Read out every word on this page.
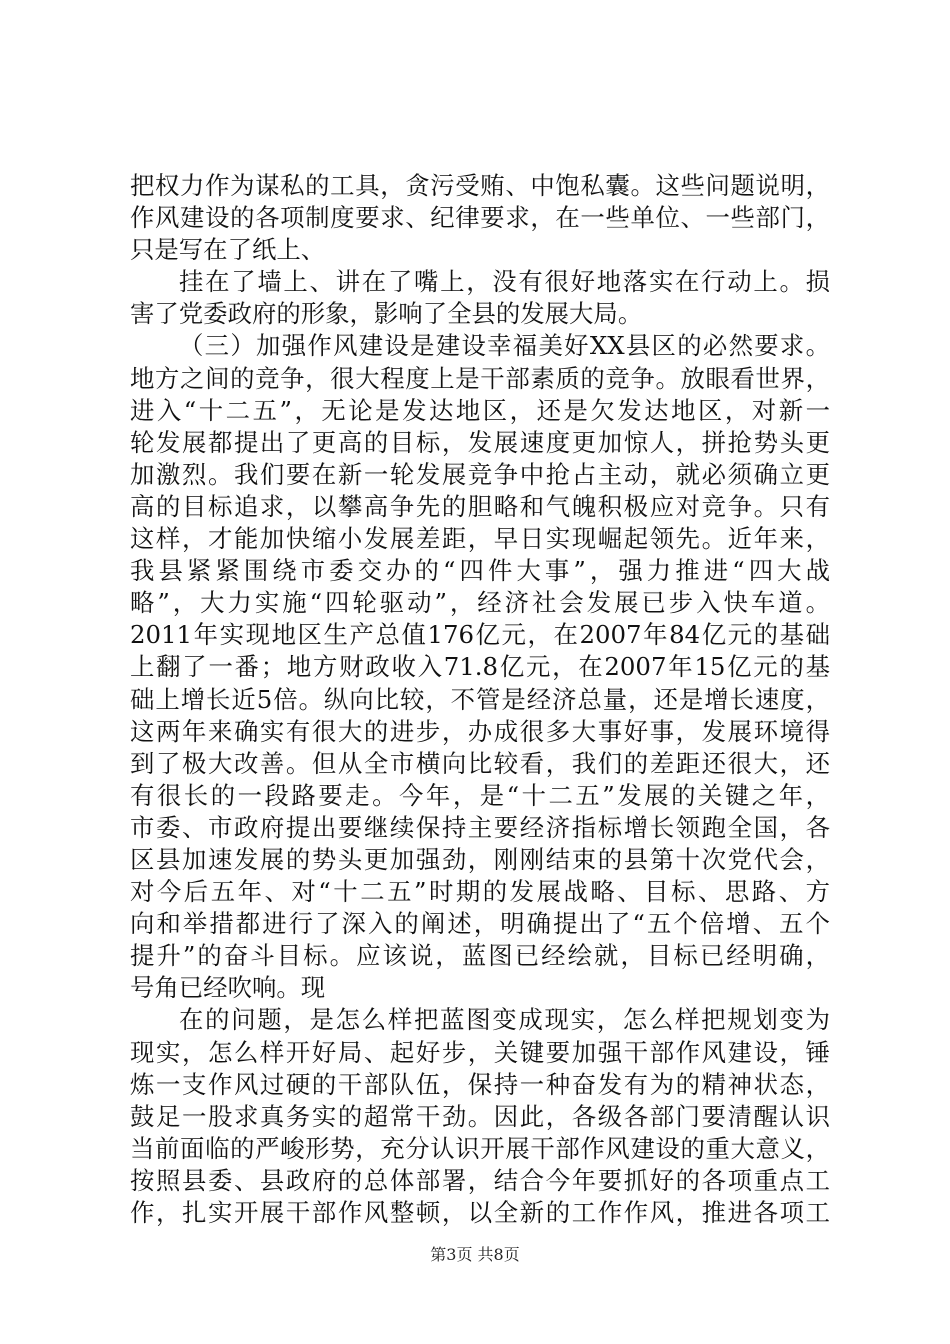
把权力作为谋私的工具，贪污受贿、中饱私囊。这些问题说明，
作风建设的各项制度要求、纪律要求，在一些单位、一些部门，
只是写在了纸上、
挂在了墙上、讲在了嘴上，没有很好地落实在行动上。损
害了党委政府的形象，影响了全县的发展大局。
（三）加强作风建设是建设幸福美好XX县区的必然要求。
地方之间的竞争，很大程度上是干部素质的竞争。放眼看世界，
进入“十二五”，无论是发达地区，还是欠发达地区，对新一
轮发展都提出了更高的目标，发展速度更加惊人，拼抢势头更
加激烈。我们要在新一轮发展竞争中抢占主动，就必须确立更
高的目标追求，以攀高争先的胆略和气魄积极应对竞争。只有
这样，才能加快缩小发展差距，早日实现崛起领先。近年来，
我县紧紧围绕市委交办的“四件大事”，强力推进“四大战
略”，大力实施“四轮驱动”，经济社会发展已步入快车道。
2011年实现地区生产总值176亿元，在2007年84亿元的基础
上翻了一番；地方财政收入71.8亿元，在2007年15亿元的基
础上增长近5倍。纵向比较，不管是经济总量，还是增长速度，
这两年来确实有很大的进步，办成很多大事好事，发展环境得
到了极大改善。但从全市横向比较看，我们的差距还很大，还
有很长的一段路要走。今年，是“十二五”发展的关键之年，
市委、市政府提出要继续保持主要经济指标增长领跑全国，各
区县加速发展的势头更加强劲，刚刚结束的县第十次党代会，
对今后五年、对“十二五”时期的发展战略、目标、思路、方
向和举措都进行了深入的阐述，明确提出了“五个倍增、五个
提升”的奋斗目标。应该说，蓝图已经绘就，目标已经明确，
号角已经吹响。现
在的问题，是怎么样把蓝图变成现实，怎么样把规划变为
现实，怎么样开好局、起好步，关键要加强干部作风建设，锤
炼一支作风过硬的干部队伍，保持一种奋发有为的精神状态，
鼓足一股求真务实的超常干劲。因此，各级各部门要清醒认识
当前面临的严峻形势，充分认识开展干部作风建设的重大意义，
按照县委、县政府的总体部署，结合今年要抓好的各项重点工
作，扎实开展干部作风整顿，以全新的工作作风，推进各项工
第3页 共8页
